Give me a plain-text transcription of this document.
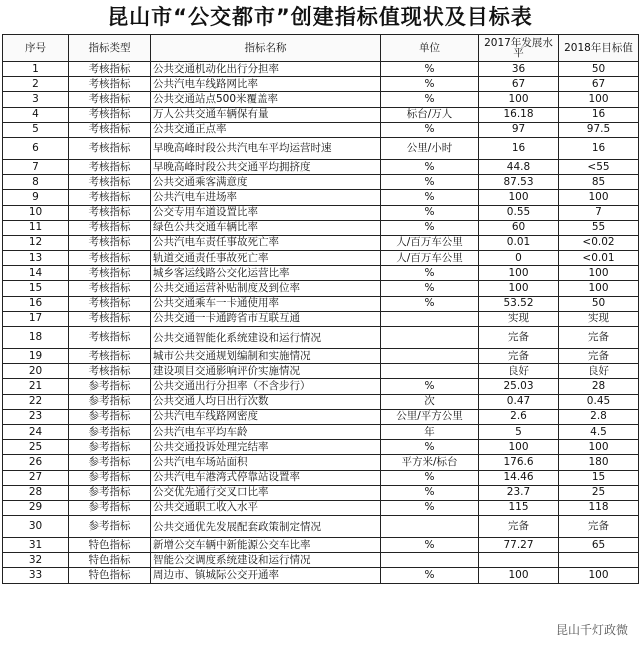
昆山市“公交都市”创建指标值现状及目标表
序号	指标类型	指标名称	单位	2017年发展水平	2018年目标值
1	考核指标	公共交通机动化出行分担率	%	36	50
2	考核指标	公共汽电车线路网比率	%	67	67
3	考核指标	公共交通站点500米覆盖率	%	100	100
4	考核指标	万人公共交通车辆保有量	标台/万人	16.18	16
5	考核指标	公共交通正点率	%	97	97.5
6	考核指标	早晚高峰时段公共汽电车平均运营时速	公里/小时	16	16
7	考核指标	早晚高峰时段公共交通平均拥挤度	%	44.8	<55
8	考核指标	公共交通乘客满意度	%	87.53	85
9	考核指标	公共汽电车进场率	%	100	100
10	考核指标	公交专用车道设置比率	%	0.55	7
11	考核指标	绿色公共交通车辆比率	%	60	55
12	考核指标	公共汽电车责任事故死亡率	人/百万车公里	0.01	<0.02
13	考核指标	轨道交通责任事故死亡率	人/百万车公里	0	<0.01
14	考核指标	城乡客运线路公交化运营比率	%	100	100
15	考核指标	公共交通运营补贴制度及到位率	%	100	100
16	考核指标	公共交通乘车一卡通使用率	%	53.52	50
17	考核指标	公共交通一卡通跨省市互联互通		实现	实现
18	考核指标	公共交通智能化系统建设和运行情况		完备	完备
19	考核指标	城市公共交通规划编制和实施情况		完备	完备
20	考核指标	建设项目交通影响评价实施情况		良好	良好
21	参考指标	公共交通出行分担率（不含步行）	%	25.03	28
22	参考指标	公共交通人均日出行次数	次	0.47	0.45
23	参考指标	公共汽电车线路网密度	公里/平方公里	2.6	2.8
24	参考指标	公共汽电车平均车龄	年	5	4.5
25	参考指标	公共交通投诉处理完结率	%	100	100
26	参考指标	公共汽电车场站面积	平方米/标台	176.6	180
27	参考指标	公共汽电车港湾式停靠站设置率	%	14.46	15
28	参考指标	公交优先通行交叉口比率	%	23.7	25
29	参考指标	公共交通职工收入水平	%	115	118
30	参考指标	公共交通优先发展配套政策制定情况		完备	完备
31	特色指标	新增公交车辆中新能源公交车比率	%	77.27	65
32	特色指标	智能公交调度系统建设和运行情况			
33	特色指标	周边市、镇城际公交开通率	%	100	100
昆山千灯政微
